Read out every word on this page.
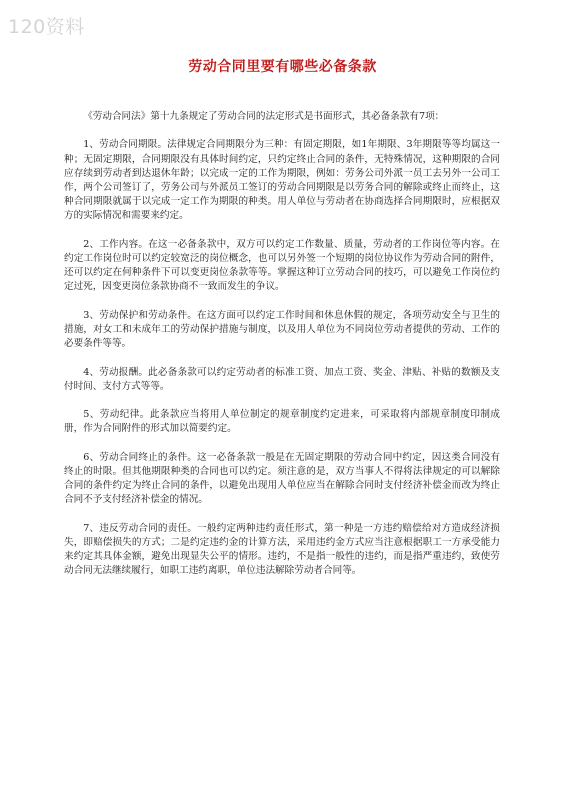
120资料
劳动合同里要有哪些必备条款

《劳动合同法》第十九条规定了劳动合同的法定形式是书面形式，其必备条款有7项：

1、劳动合同期限。法律规定合同期限分为三种：有固定期限，如1年期限、3年期限等等均属这一种；无固定期限，合同期限没有具体时间约定，只约定终止合同的条件，无特殊情况，这种期限的合同应存续到劳动者到达退休年龄；以完成一定的工作为期限，例如：劳务公司外派一员工去另外一公司工作，两个公司签订了，劳务公司与外派员工签订的劳动合同期限是以劳务合同的解除或终止而终止，这种合同期限就属于以完成一定工作为期限的种类。用人单位与劳动者在协商选择合同期限时，应根据双方的实际情况和需要来约定。

2、工作内容。在这一必备条款中，双方可以约定工作数量、质量，劳动者的工作岗位等内容。在约定工作岗位时可以约定较宽泛的岗位概念，也可以另外签一个短期的岗位协议作为劳动合同的附件，还可以约定在何种条件下可以变更岗位条款等等。掌握这种订立劳动合同的技巧，可以避免工作岗位约定过死，因变更岗位条款协商不一致而发生的争议。

3、劳动保护和劳动条件。在这方面可以约定工作时间和休息休假的规定，各项劳动安全与卫生的措施，对女工和未成年工的劳动保护措施与制度，以及用人单位为不同岗位劳动者提供的劳动、工作的必要条件等等。

4、劳动报酬。此必备条款可以约定劳动者的标准工资、加点工资、奖金、津贴、补贴的数额及支付时间、支付方式等等。

5、劳动纪律。此条款应当将用人单位制定的规章制度约定进来，可采取将内部规章制度印制成册，作为合同附件的形式加以简要约定。

6、劳动合同终止的条件。这一必备条款一般是在无固定期限的劳动合同中约定，因这类合同没有终止的时限。但其他期限种类的合同也可以约定。须注意的是，双方当事人不得将法律规定的可以解除合同的条件约定为终止合同的条件，以避免出现用人单位应当在解除合同时支付经济补偿金而改为终止合同不予支付经济补偿金的情况。

7、违反劳动合同的责任。一般约定两种违约责任形式，第一种是一方违约赔偿给对方造成经济损失，即赔偿损失的方式；二是约定违约金的计算方法，采用违约金方式应当注意根据职工一方承受能力来约定其具体金额，避免出现显失公平的情形。违约，不是指一般性的违约，而是指严重违约，致使劳动合同无法继续履行，如职工违约离职，单位违法解除劳动者合同等。
